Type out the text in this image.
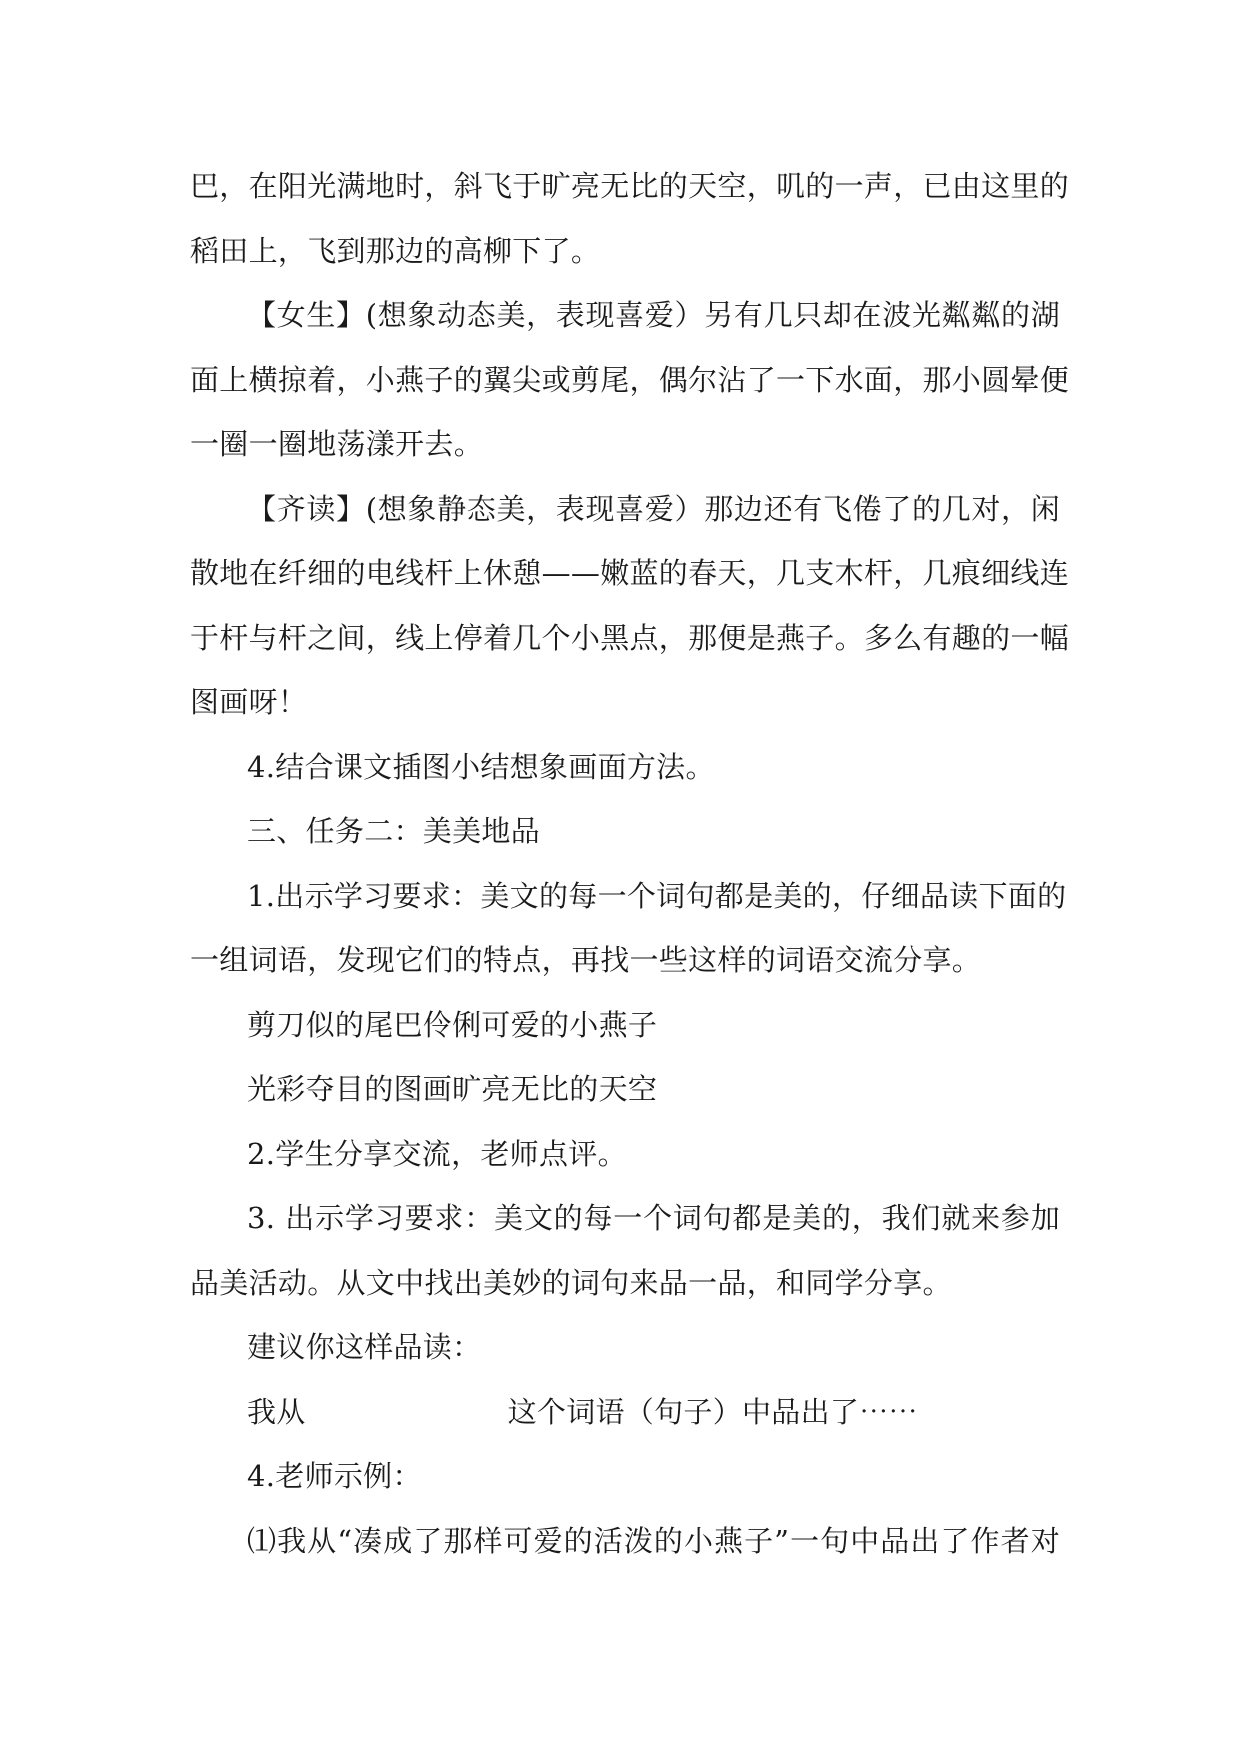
巴，在阳光满地时，斜飞于旷亮无比的天空，叽的一声，已由这里的
稻田上，飞到那边的高柳下了。
【女生】(想象动态美，表现喜爱）另有几只却在波光粼粼的湖
面上横掠着，小燕子的翼尖或剪尾，偶尔沾了一下水面，那小圆晕便
一圈一圈地荡漾开去。
【齐读】(想象静态美，表现喜爱）那边还有飞倦了的几对，闲
散地在纤细的电线杆上休憩——嫩蓝的春天，几支木杆，几痕细线连
于杆与杆之间，线上停着几个小黑点，那便是燕子。多么有趣的一幅
图画呀！
4.结合课文插图小结想象画面方法。
三、任务二：美美地品
1.出示学习要求：美文的每一个词句都是美的，仔细品读下面的
一组词语，发现它们的特点，再找一些这样的词语交流分享。
剪刀似的尾巴伶俐可爱的小燕子
光彩夺目的图画旷亮无比的天空
2.学生分享交流，老师点评。
3. 出示学习要求：美文的每一个词句都是美的，我们就来参加
品美活动。从文中找出美妙的词句来品一品，和同学分享。
建议你这样品读：
我从	这个词语（句子）中品出了⋯⋯
4.老师示例：
⑴我从“凑成了那样可爱的活泼的小燕子”一句中品出了作者对
